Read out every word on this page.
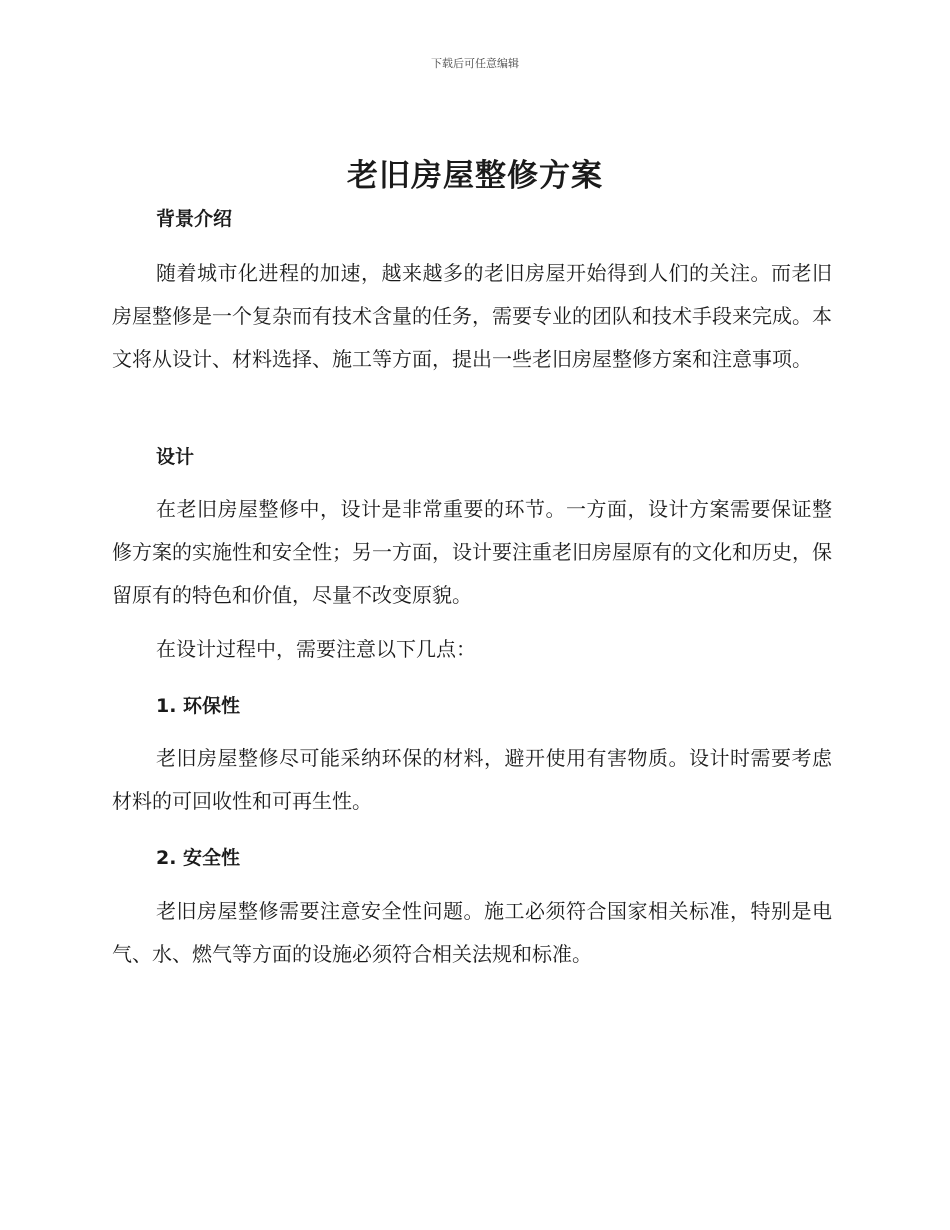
下载后可任意编辑
老旧房屋整修方案
背景介绍

随着城市化进程的加速，越来越多的老旧房屋开始得到人们的关注。而老旧房屋整修是一个复杂而有技术含量的任务，需要专业的团队和技术手段来完成。本文将从设计、材料选择、施工等方面，提出一些老旧房屋整修方案和注意事项。

设计

在老旧房屋整修中，设计是非常重要的环节。一方面，设计方案需要保证整修方案的实施性和安全性；另一方面，设计要注重老旧房屋原有的文化和历史，保留原有的特色和价值，尽量不改变原貌。

在设计过程中，需要注意以下几点：

1. 环保性

老旧房屋整修尽可能采纳环保的材料，避开使用有害物质。设计时需要考虑材料的可回收性和可再生性。

2. 安全性

老旧房屋整修需要注意安全性问题。施工必须符合国家相关标准，特别是电气、水、燃气等方面的设施必须符合相关法规和标准。
